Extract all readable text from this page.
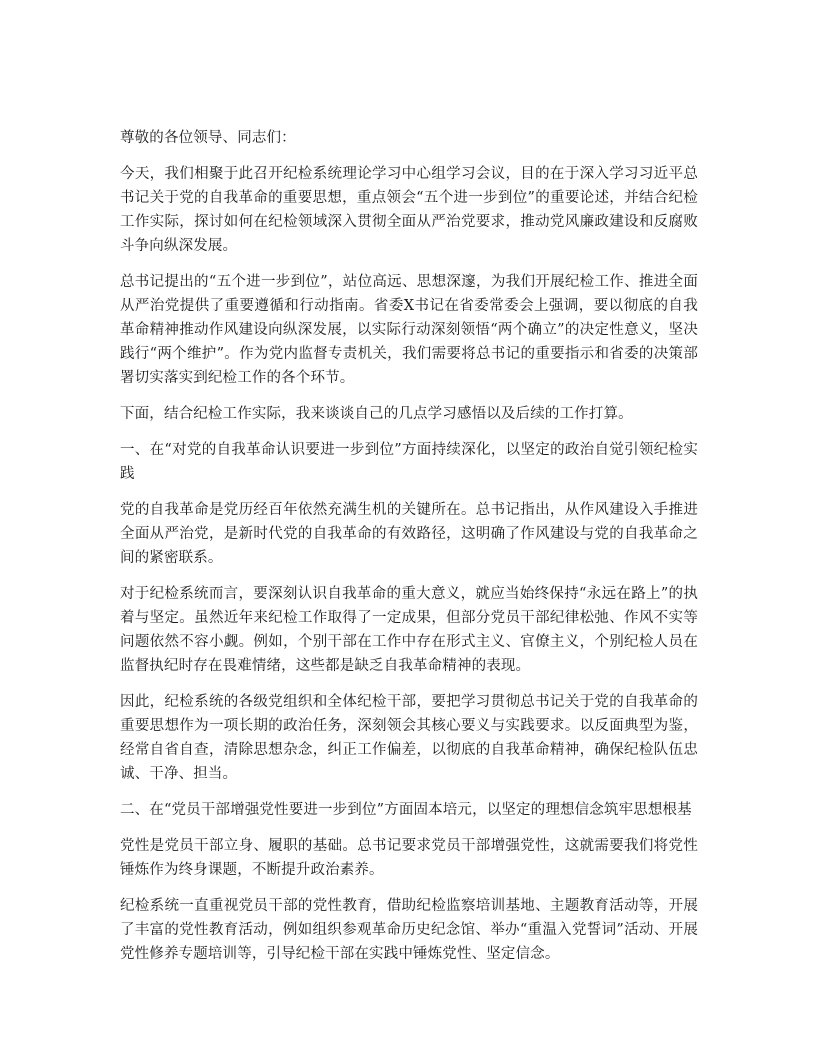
尊敬的各位领导、同志们：

今天，我们相聚于此召开纪检系统理论学习中心组学习会议，目的在于深入学习习近平总书记关于党的自我革命的重要思想，重点领会“五个进一步到位”的重要论述，并结合纪检工作实际，探讨如何在纪检领域深入贯彻全面从严治党要求，推动党风廉政建设和反腐败斗争向纵深发展。

总书记提出的“五个进一步到位”，站位高远、思想深邃，为我们开展纪检工作、推进全面从严治党提供了重要遵循和行动指南。省委X书记在省委常委会上强调，要以彻底的自我革命精神推动作风建设向纵深发展，以实际行动深刻领悟“两个确立”的决定性意义，坚决践行“两个维护”。作为党内监督专责机关，我们需要将总书记的重要指示和省委的决策部署切实落实到纪检工作的各个环节。

下面，结合纪检工作实际，我来谈谈自己的几点学习感悟以及后续的工作打算。

一、在“对党的自我革命认识要进一步到位”方面持续深化，以坚定的政治自觉引领纪检实践

党的自我革命是党历经百年依然充满生机的关键所在。总书记指出，从作风建设入手推进全面从严治党，是新时代党的自我革命的有效路径，这明确了作风建设与党的自我革命之间的紧密联系。

对于纪检系统而言，要深刻认识自我革命的重大意义，就应当始终保持“永远在路上”的执着与坚定。虽然近年来纪检工作取得了一定成果，但部分党员干部纪律松弛、作风不实等问题依然不容小觑。例如，个别干部在工作中存在形式主义、官僚主义，个别纪检人员在监督执纪时存在畏难情绪，这些都是缺乏自我革命精神的表现。

因此，纪检系统的各级党组织和全体纪检干部，要把学习贯彻总书记关于党的自我革命的重要思想作为一项长期的政治任务，深刻领会其核心要义与实践要求。以反面典型为鉴，经常自省自查，清除思想杂念，纠正工作偏差，以彻底的自我革命精神，确保纪检队伍忠诚、干净、担当。

二、在“党员干部增强党性要进一步到位”方面固本培元，以坚定的理想信念筑牢思想根基

党性是党员干部立身、履职的基础。总书记要求党员干部增强党性，这就需要我们将党性锤炼作为终身课题，不断提升政治素养。

纪检系统一直重视党员干部的党性教育，借助纪检监察培训基地、主题教育活动等，开展了丰富的党性教育活动，例如组织参观革命历史纪念馆、举办“重温入党誓词”活动、开展党性修养专题培训等，引导纪检干部在实践中锤炼党性、坚定信念。
